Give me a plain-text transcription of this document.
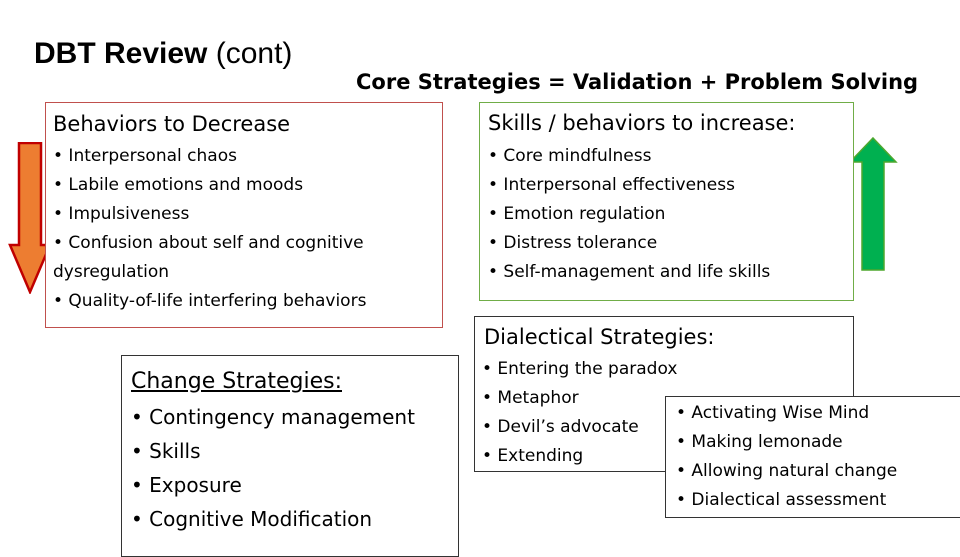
DBT Review (cont)
Core Strategies = Validation + Problem Solving
Behaviors to Decrease
• Interpersonal chaos
• Labile emotions and moods
• Impulsiveness
• Confusion about self and cognitive
dysregulation
• Quality-of-life interfering behaviors
Skills / behaviors to increase:
• Core mindfulness
• Interpersonal effectiveness
• Emotion regulation
• Distress tolerance
• Self-management and life skills
Dialectical Strategies:
• Entering the paradox
• Metaphor
• Devil’s advocate
• Extending
• Activating Wise Mind
• Making lemonade
• Allowing natural change
• Dialectical assessment
Change Strategies:
• Contingency management
• Skills
• Exposure
• Cognitive Modification
